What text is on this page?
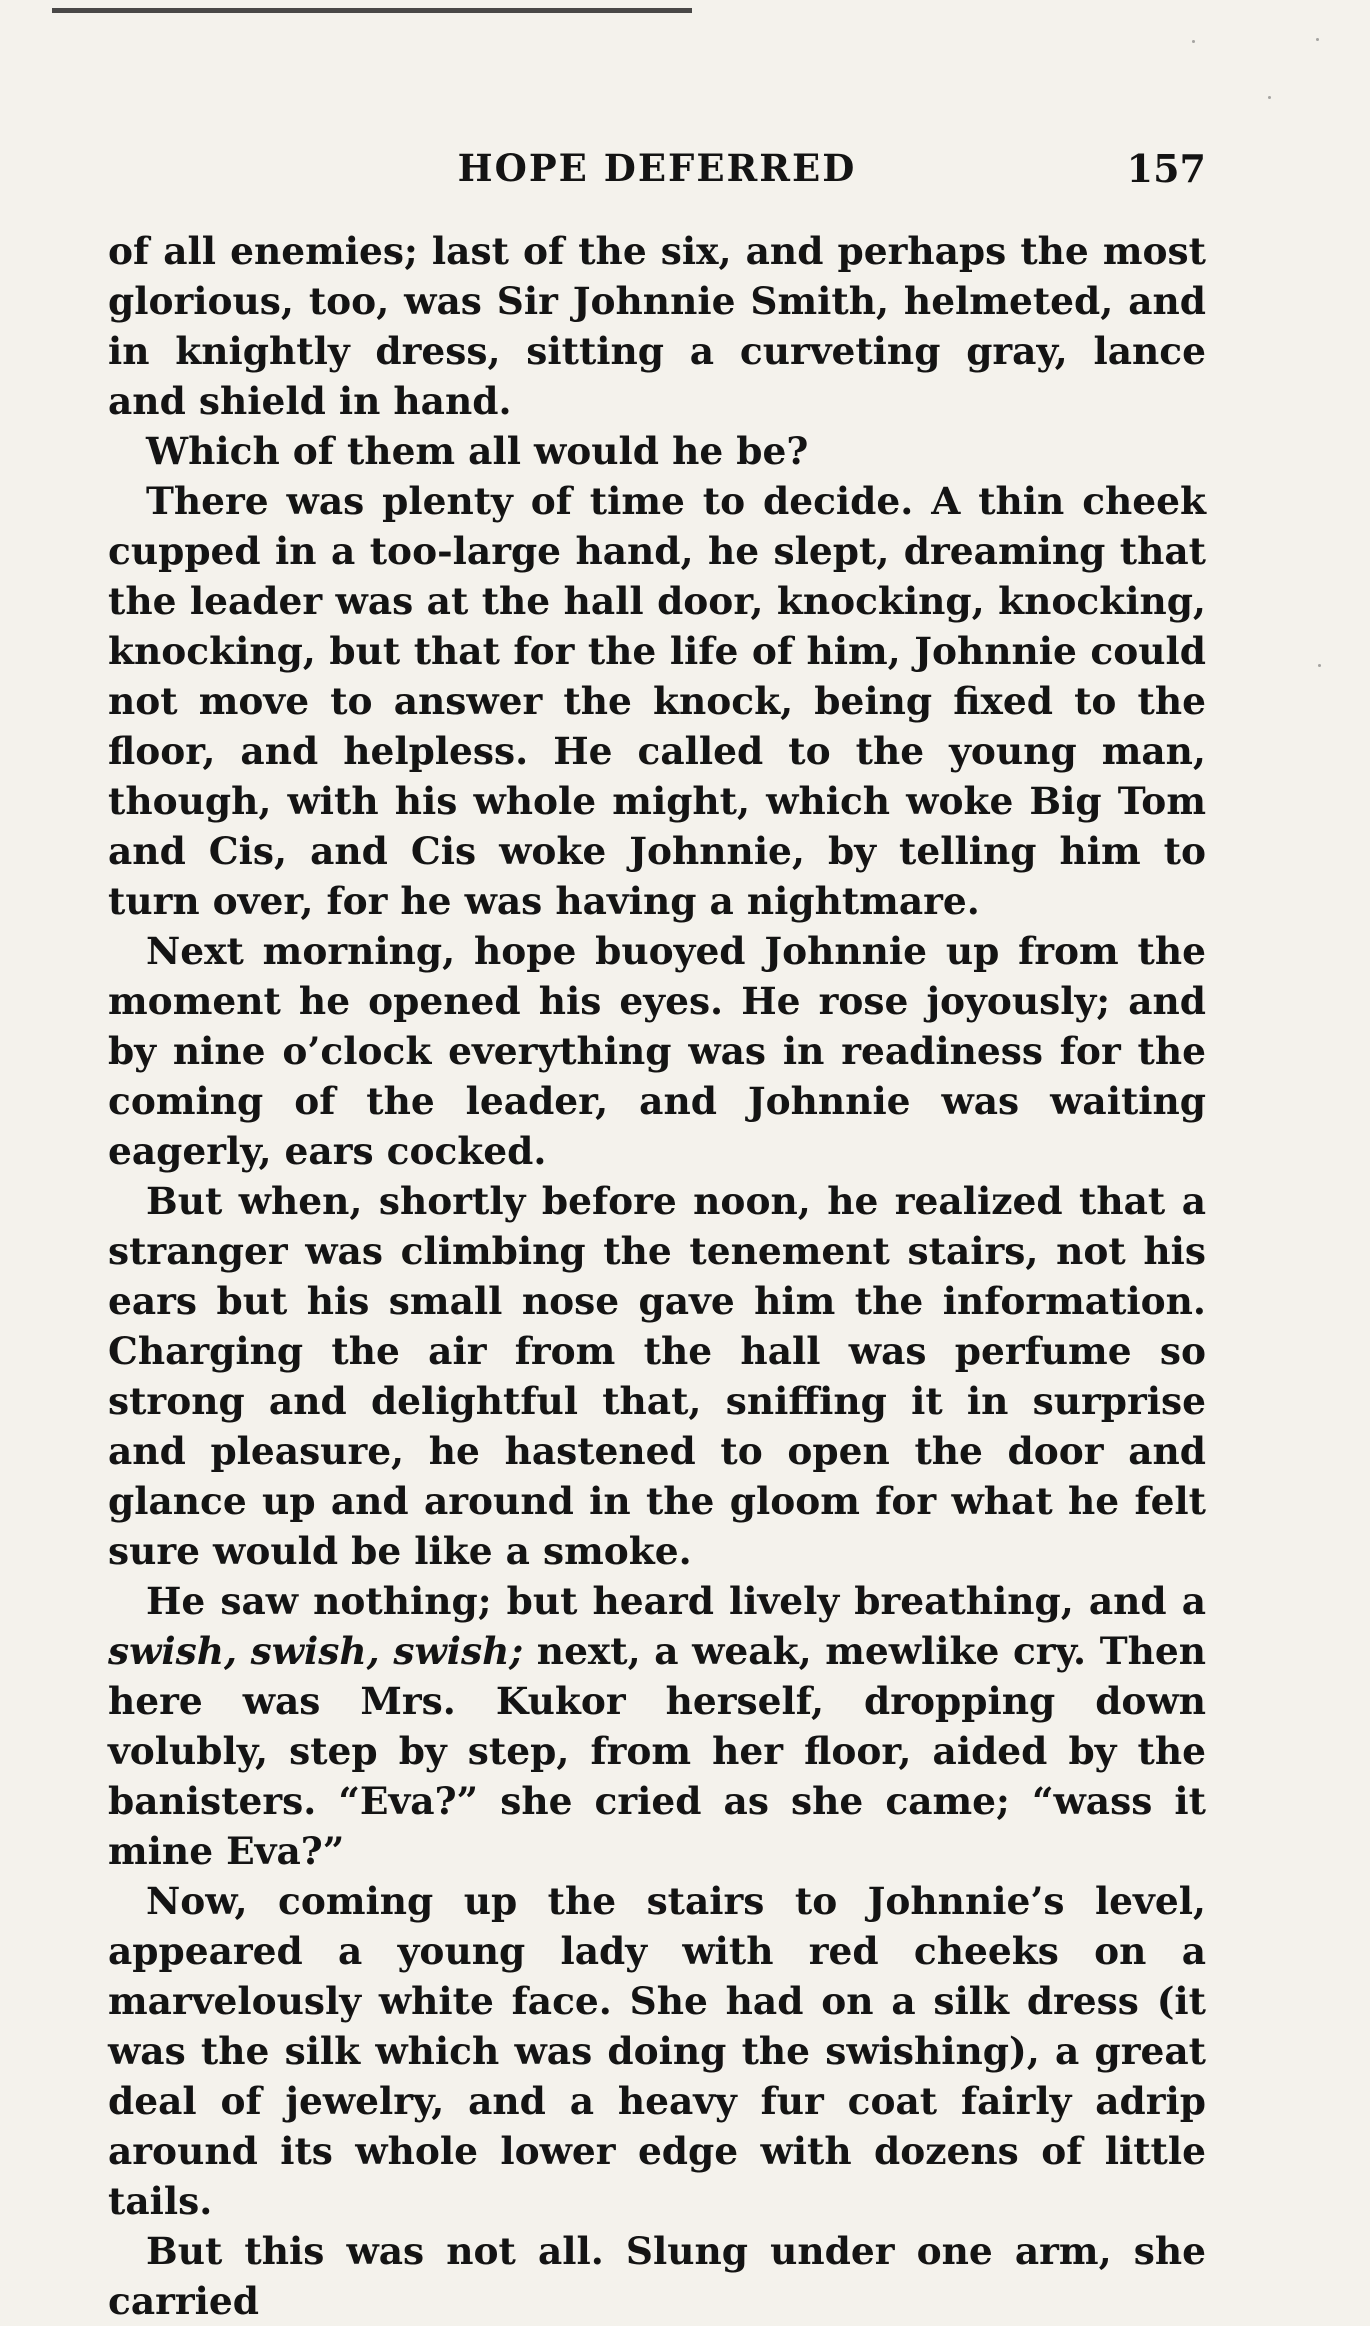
HOPE DEFERRED	157

of all enemies; last of the six, and perhaps the most glorious, too, was Sir Johnnie Smith, helmeted, and in knightly dress, sitting a curveting gray, lance and shield in hand.

Which of them all would he be?

There was plenty of time to decide. A thin cheek cupped in a too-large hand, he slept, dreaming that the leader was at the hall door, knocking, knocking, knocking, but that for the life of him, Johnnie could not move to answer the knock, being fixed to the floor, and helpless. He called to the young man, though, with his whole might, which woke Big Tom and Cis, and Cis woke Johnnie, by telling him to turn over, for he was having a nightmare.

Next morning, hope buoyed Johnnie up from the moment he opened his eyes. He rose joyously; and by nine o’clock everything was in readiness for the coming of the leader, and Johnnie was waiting eagerly, ears cocked.

But when, shortly before noon, he realized that a stranger was climbing the tenement stairs, not his ears but his small nose gave him the information. Charging the air from the hall was perfume so strong and delightful that, sniffing it in surprise and pleasure, he hastened to open the door and glance up and around in the gloom for what he felt sure would be like a smoke.

He saw nothing; but heard lively breathing, and a swish, swish, swish; next, a weak, mewlike cry. Then here was Mrs. Kukor herself, dropping down volubly, step by step, from her floor, aided by the banisters. “Eva?” she cried as she came; “wass it mine Eva?”

Now, coming up the stairs to Johnnie’s level, appeared a young lady with red cheeks on a marvelously white face. She had on a silk dress (it was the silk which was doing the swishing), a great deal of jewelry, and a heavy fur coat fairly adrip around its whole lower edge with dozens of little tails.

But this was not all. Slung under one arm, she carried
